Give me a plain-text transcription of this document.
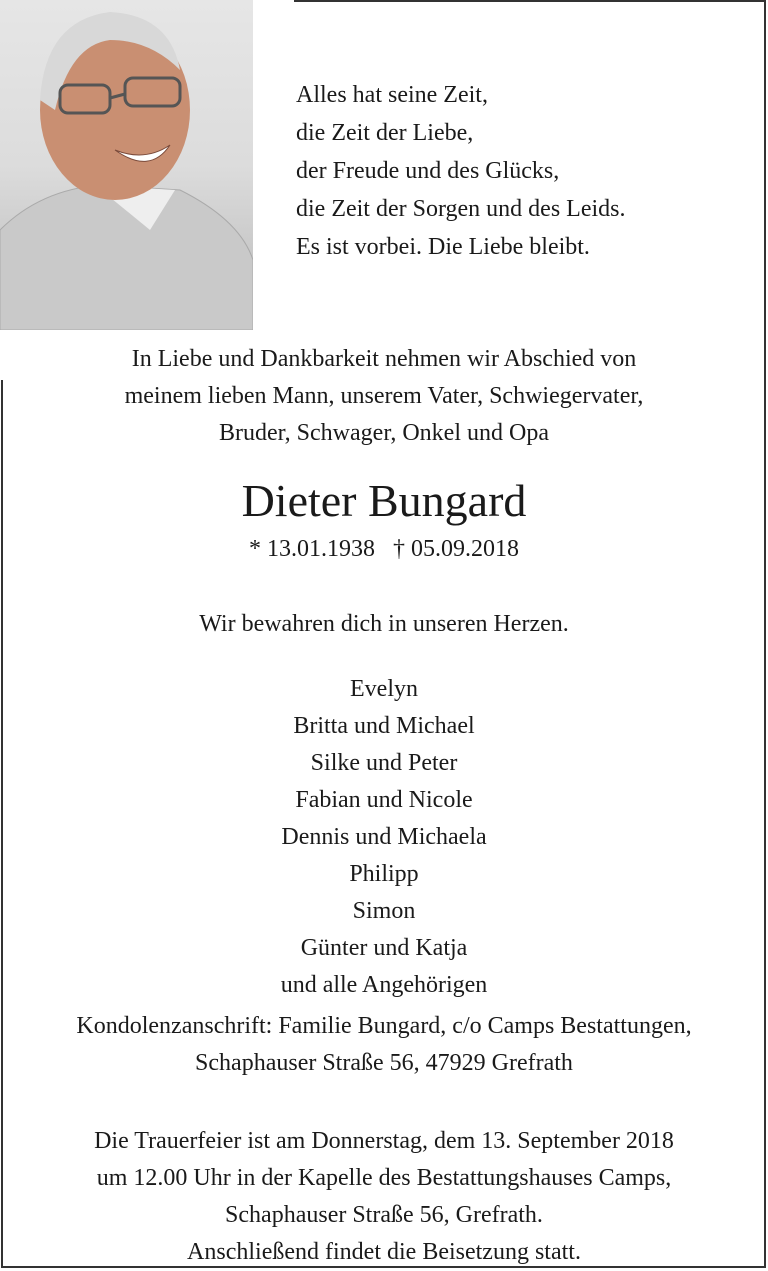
Alles hat seine Zeit,
die Zeit der Liebe,
der Freude und des Glücks,
die Zeit der Sorgen und des Leids.
Es ist vorbei. Die Liebe bleibt.
In Liebe und Dankbarkeit nehmen wir Abschied von
meinem lieben Mann, unserem Vater, Schwiegervater,
Bruder, Schwager, Onkel und Opa
Dieter Bungard
* 13.01.1938   † 05.09.2018
Wir bewahren dich in unseren Herzen.
Evelyn
Britta und Michael
Silke und Peter
Fabian und Nicole
Dennis und Michaela
Philipp
Simon
Günter und Katja
und alle Angehörigen
Kondolenzanschrift: Familie Bungard, c/o Camps Bestattungen,
Schaphauser Straße 56, 47929 Grefrath
Die Trauerfeier ist am Donnerstag, dem 13. September 2018
um 12.00 Uhr in der Kapelle des Bestattungshauses Camps,
Schaphauser Straße 56, Grefrath.
Anschließend findet die Beisetzung statt.
